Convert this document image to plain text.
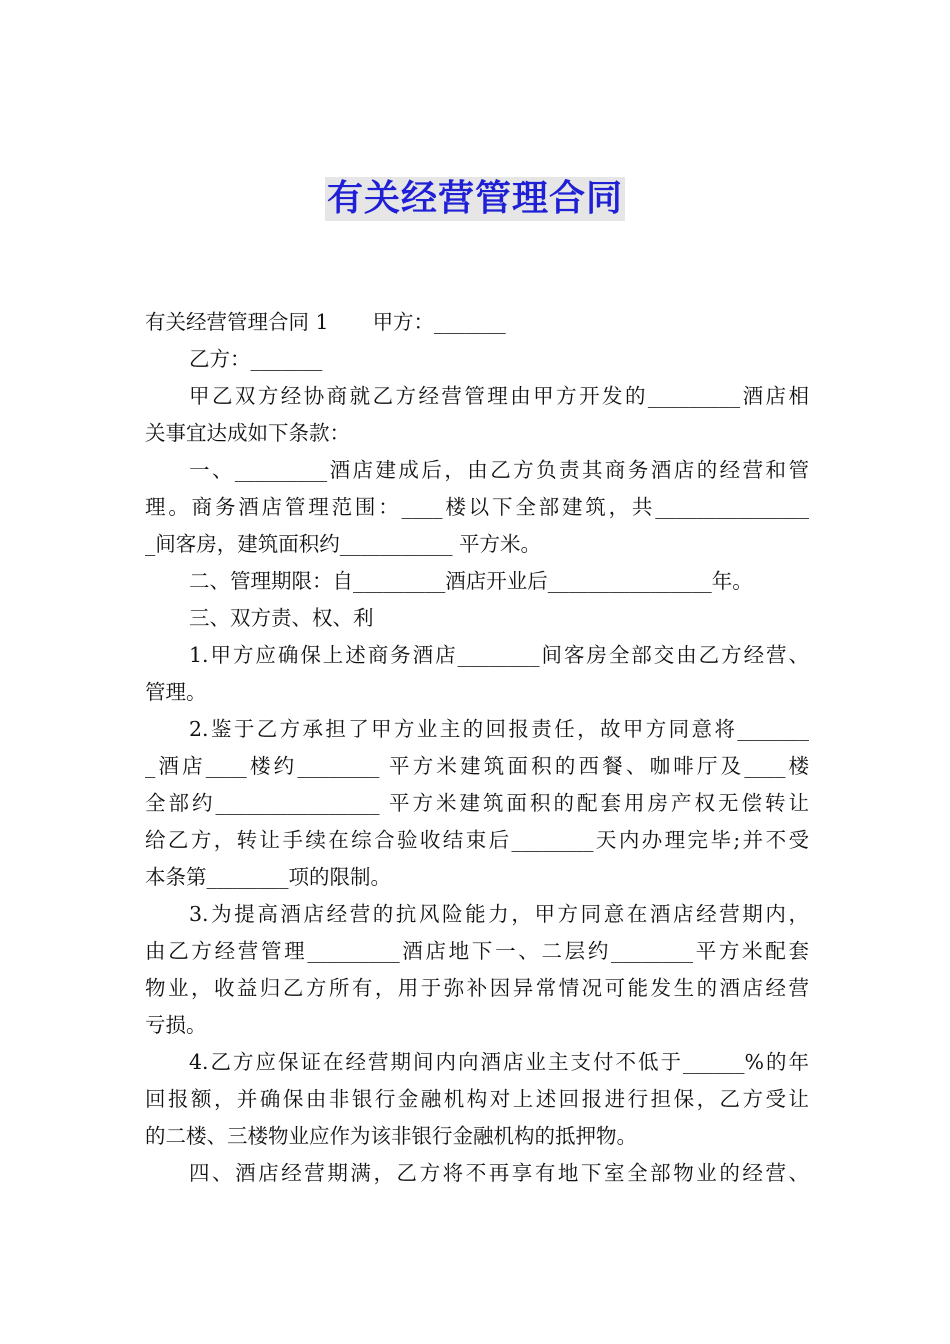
有关经营管理合同
有关经营管理合同 1 甲方：_______
乙方：_______
甲乙双方经协商就乙方经营管理由甲方开发的_________酒店相
关事宜达成如下条款：
一、_________酒店建成后，由乙方负责其商务酒店的经营和管
理。商务酒店管理范围：____楼以下全部建筑，共_______________
_间客房，建筑面积约___________ 平方米。
二、管理期限：自_________酒店开业后________________年。
三、双方责、权、利
1.甲方应确保上述商务酒店________间客房全部交由乙方经营、
管理。
2.鉴于乙方承担了甲方业主的回报责任，故甲方同意将_______
_酒店____楼约________ 平方米建筑面积的西餐、咖啡厅及____楼
全部约________________ 平方米建筑面积的配套用房产权无偿转让
给乙方，转让手续在综合验收结束后________天内办理完毕;并不受
本条第________项的限制。
3.为提高酒店经营的抗风险能力，甲方同意在酒店经营期内，
由乙方经营管理_________酒店地下一、二层约________平方米配套
物业，收益归乙方所有，用于弥补因异常情况可能发生的酒店经营
亏损。
4.乙方应保证在经营期间内向酒店业主支付不低于______%的年
回报额，并确保由非银行金融机构对上述回报进行担保，乙方受让
的二楼、三楼物业应作为该非银行金融机构的抵押物。
四、酒店经营期满，乙方将不再享有地下室全部物业的经营、
